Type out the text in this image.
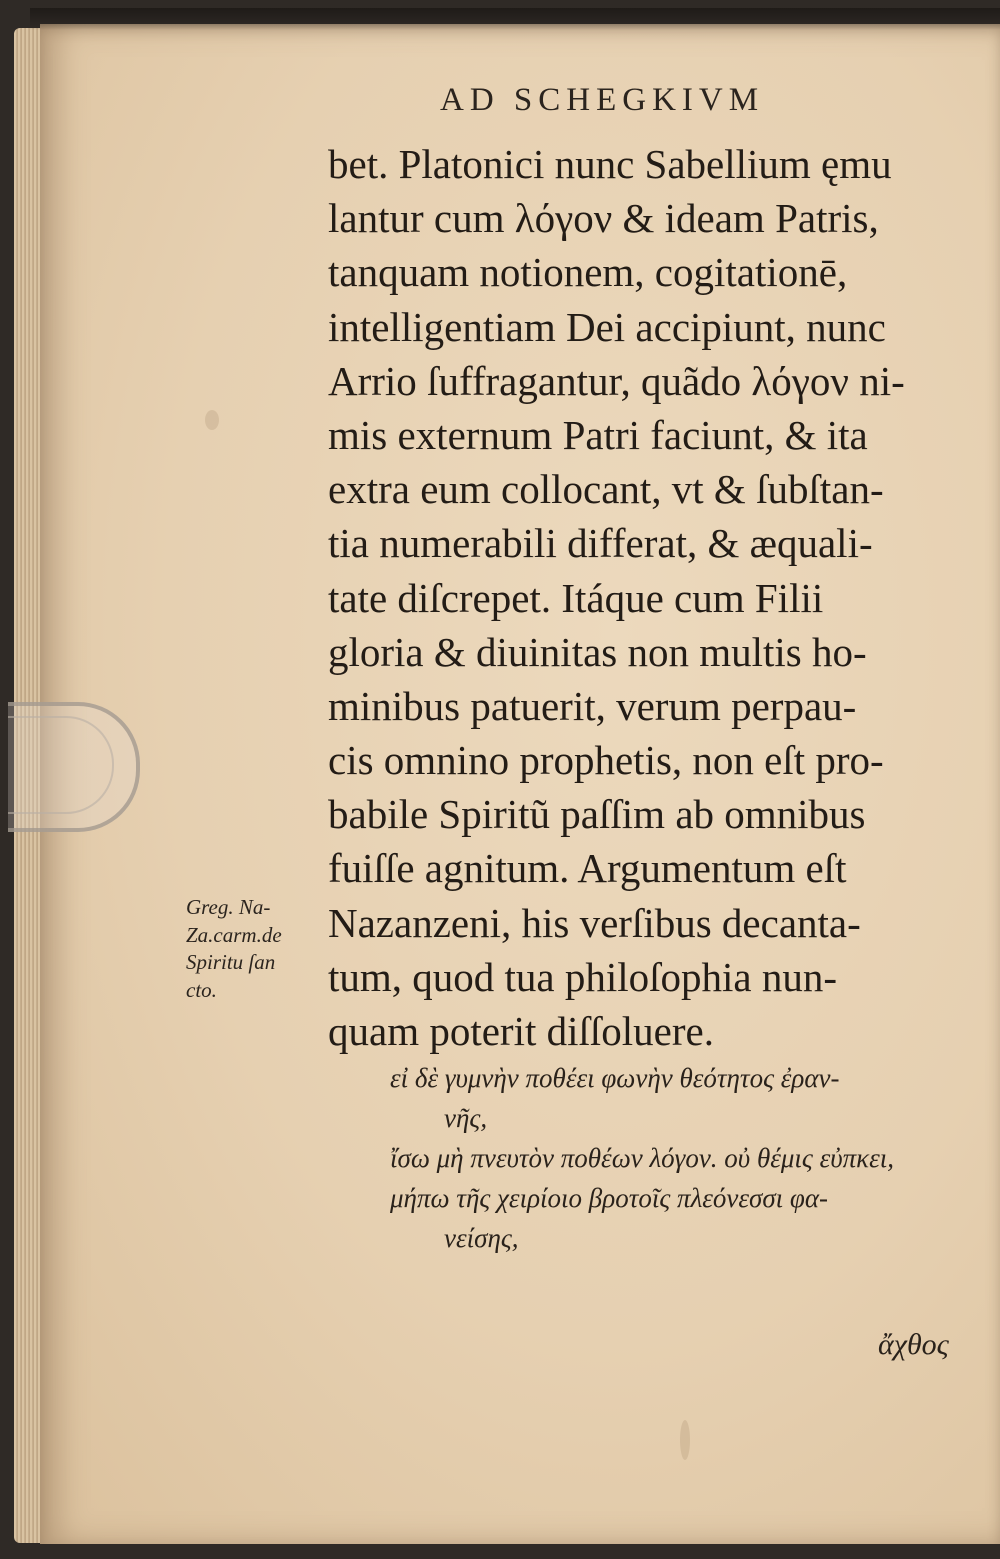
AD SCHEGKIVM
bet. Platonici nunc Sabellium ęmu
lantur cum λόγον & ideam Patris,
tanquam notionem, cogitationē,
intelligentiam Dei accipiunt, nunc
Arrio ſuffragantur, quãdo λόγον ni-
mis externum Patri faciunt, & ita
extra eum collocant, vt & ſubſtan-
tia numerabili differat, & æquali-
tate diſcrepet. Itáque cum Filii
gloria & diuinitas non multis ho-
minibus patuerit, verum perpau-
cis omnino prophetis, non eſt pro-
babile Spiritũ paſſim ab omnibus
fuiſſe agnitum. Argumentum eſt
Nazanzeni, his verſibus decanta-
tum, quod tua philoſophia nun-
quam poterit diſſoluere.
Greg. Na-
Za.carm.de
Spiritu ſan
cto.
εἰ δὲ γυμνὴν ποθέει φωνὴν θεότητος ἐραν-
νῆς,
ἴσω μὴ πνευτὸν ποθέων λόγον. οὐ θέμις εὐπκει,
μήπω τῆς χειρίοιο βροτοῖς πλεόνεσσι φα-
νείσης,
ἄχθος
